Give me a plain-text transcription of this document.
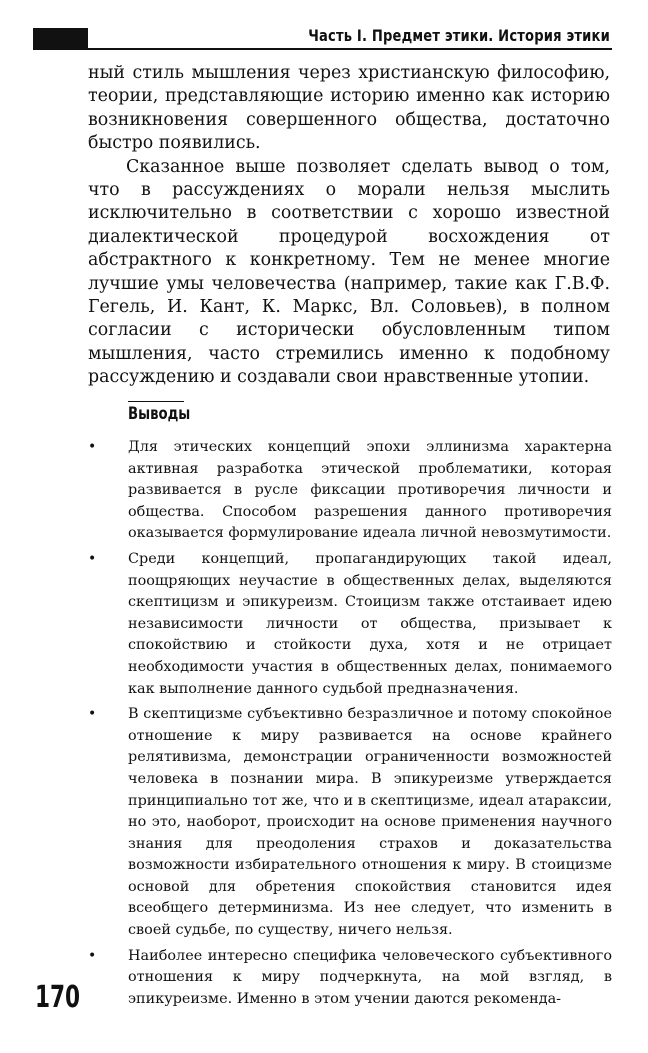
Часть I. Предмет этики. История этики

ный стиль мышления через христианскую философию, теории, представляющие историю именно как историю возникновения совершенного общества, достаточно быстро появились.

Сказанное выше позволяет сделать вывод о том, что в рассуждениях о морали нельзя мыслить исключительно в соответствии с хорошо известной диалектической процедурой восхождения от абстрактного к конкретному. Тем не менее многие лучшие умы человечества (например, такие как Г.В.Ф. Гегель, И. Кант, К. Маркс, Вл. Соловьев), в полном согласии с исторически обусловленным типом мышления, часто стремились именно к подобному рассуждению и создавали свои нравственные утопии.

Выводы
• Для этических концепций эпохи эллинизма характерна активная разработка этической проблематики, которая развивается в русле фиксации противоречия личности и общества. Способом разрешения данного противоречия оказывается формулирование идеала личной невозмутимости.
• Среди концепций, пропагандирующих такой идеал, поощряющих неучастие в общественных делах, выделяются скептицизм и эпикуреизм. Стоицизм также отстаивает идею независимости личности от общества, призывает к спокойствию и стойкости духа, хотя и не отрицает необходимости участия в общественных делах, понимаемого как выполнение данного судьбой предназначения.
• В скептицизме субъективно безразличное и потому спокойное отношение к миру развивается на основе крайнего релятивизма, демонстрации ограниченности возможностей человека в познании мира. В эпикуреизме утверждается принципиально тот же, что и в скептицизме, идеал атараксии, но это, наоборот, происходит на основе применения научного знания для преодоления страхов и доказательства возможности избирательного отношения к миру. В стоицизме основой для обретения спокойствия становится идея всеобщего детерминизма. Из нее следует, что изменить в своей судьбе, по существу, ничего нельзя.
• Наиболее интересно специфика человеческого субъективного отношения к миру подчеркнута, на мой взгляд, в эпикуреизме. Именно в этом учении даются рекоменда-
170
